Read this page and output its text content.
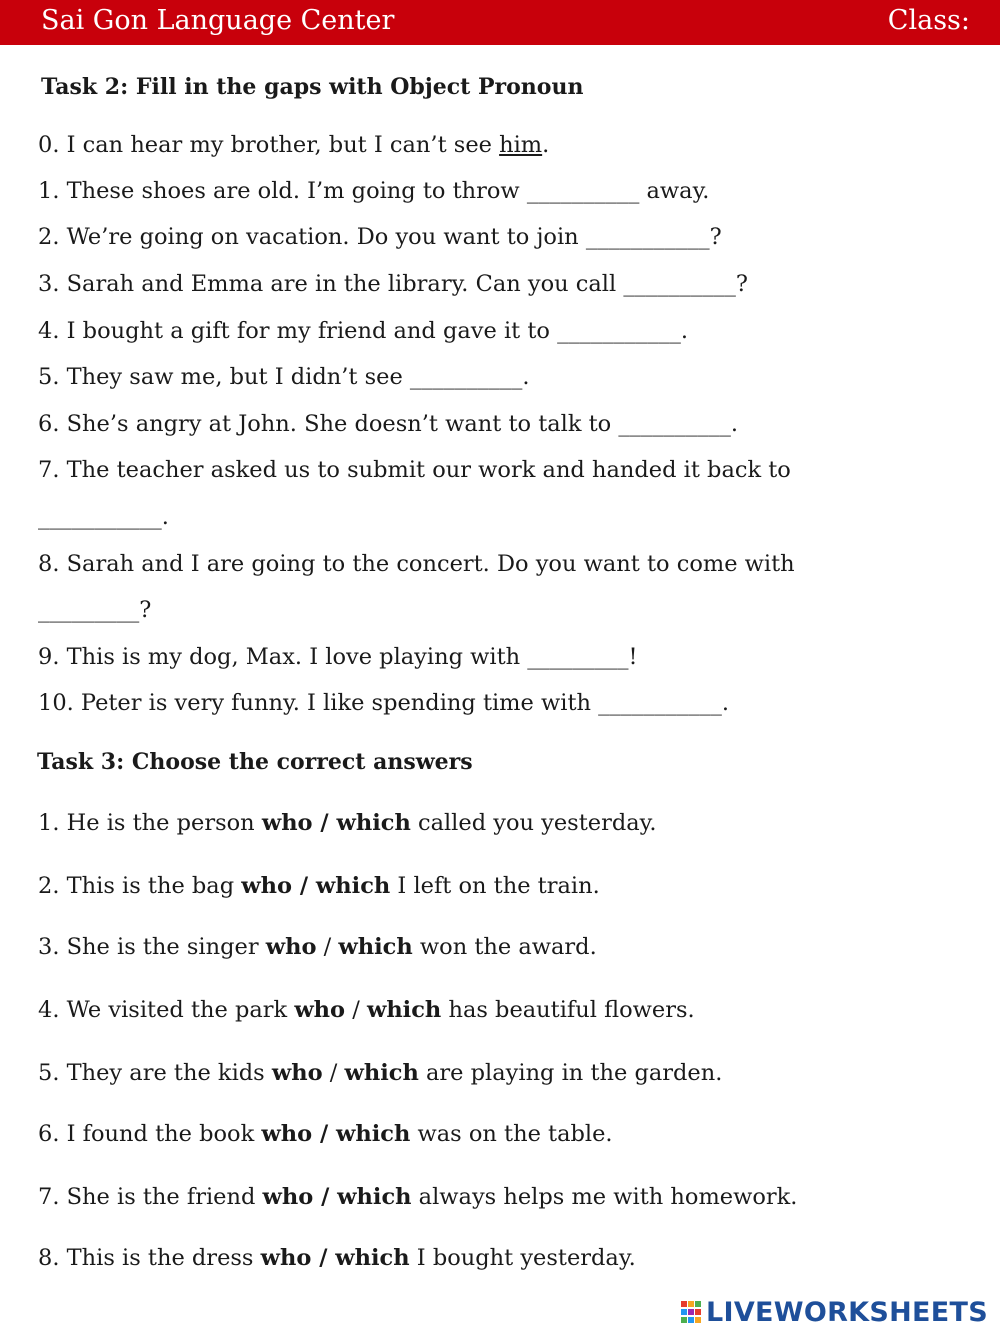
Sai Gon Language Center	Class:
Task 2: Fill in the gaps with Object Pronoun
0. I can hear my brother, but I can’t see him.
1. These shoes are old. I’m going to throw __________ away.
2. We’re going on vacation. Do you want to join ___________?
3. Sarah and Emma are in the library. Can you call __________?
4. I bought a gift for my friend and gave it to ___________.
5. They saw me, but I didn’t see __________.
6. She’s angry at John. She doesn’t want to talk to __________.
7. The teacher asked us to submit our work and handed it back to
___________.
8. Sarah and I are going to the concert. Do you want to come with
_________?
9. This is my dog, Max. I love playing with _________!
10. Peter is very funny. I like spending time with ___________.
Task 3: Choose the correct answers
1. He is the person who / which called you yesterday.
2. This is the bag who / which I left on the train.
3. She is the singer who / which won the award.
4. We visited the park who / which has beautiful flowers.
5. They are the kids who / which are playing in the garden.
6. I found the book who / which was on the table.
7. She is the friend who / which always helps me with homework.
8. This is the dress who / which I bought yesterday.
LIVEWORKSHEETS
